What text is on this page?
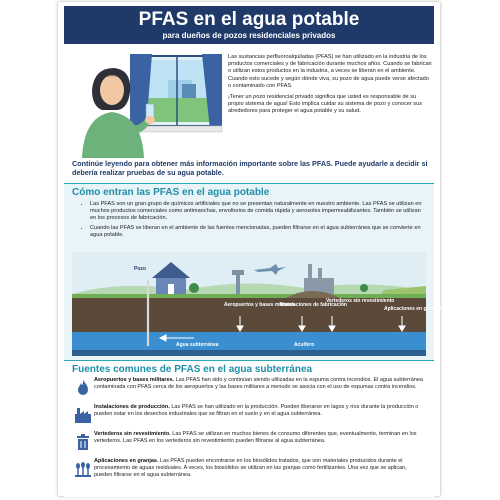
PFAS en el agua potable
para dueños de pozos residenciales privados

Las sustancias perfluoroalquiladas (PFAS) se han utilizado en la industria de los productos comerciales y de fabricación durante muchos años. Cuando se fabrican o utilizan estos productos en la industria, a veces se liberan en el ambiente. Cuando esto sucede y según dónde viva, su pozo de agua puede verse afectado o contaminado con PFAS.

¡Tener un pozo residencial privado significa que usted es responsable de su propio sistema de agua! Esto implica cuidar su sistema de pozo y conocer sus alrededores para proteger el agua potable y su salud.

Continúe leyendo para obtener más información importante sobre las PFAS. Puede ayudarle a decidir si debería realizar pruebas de su agua potable.
Cómo entran las PFAS en el agua potable
• Las PFAS son un gran grupo de químicos artificiales que no se presentan naturalmente en nuestro ambiente. Las PFAS se utilizan en muchos productos comerciales como antimanchas, envoltorios de comida rápida y aerosoles impermeabilizantes. También se utilizan en los procesos de fabricación.
• Cuando las PFAS se liberan en el ambiente de las fuentes mencionadas, pueden filtrarse en el agua subterránea que se convierte en agua potable.
Pozo
Aeropuertos y bases militares
Instalaciones de fabricación
Vertederos sin revestimiento
Aplicaciones en granjas
Agua subterránea	Acuífero
Fuentes comunes de PFAS en el agua subterránea
Aeropuertos y bases militares. Las PFAS han sido y continúan siendo utilizadas en la espuma contra incendios. El agua subterránea contaminada con PFAS cerca de los aeropuertos y las bases militares a menudo se asocia con el uso de espumas contra incendios.
Instalaciones de producción. Las PFAS se han utilizado en la producción. Pueden liberarse en lagos y ríos durante la producción o pueden estar en los desechos industriales que se filtran en el suelo y en el agua subterránea.
Vertederos sin revestimiento. Las PFAS se utilizan en muchos bienes de consumo diferentes que, eventualmente, terminan en los vertederos. Las PFAS en los vertederos sin revestimiento pueden filtrarse al agua subterránea.
Aplicaciones en granjas. Las PFAS pueden encontrarse en los biosólidos tratados, que son materiales producidos durante el procesamiento de aguas residuales. A veces, los biosólidos se utilizan en las granjas como fertilizantes. Una vez que se aplican, pueden filtrarse en el agua subterránea.
